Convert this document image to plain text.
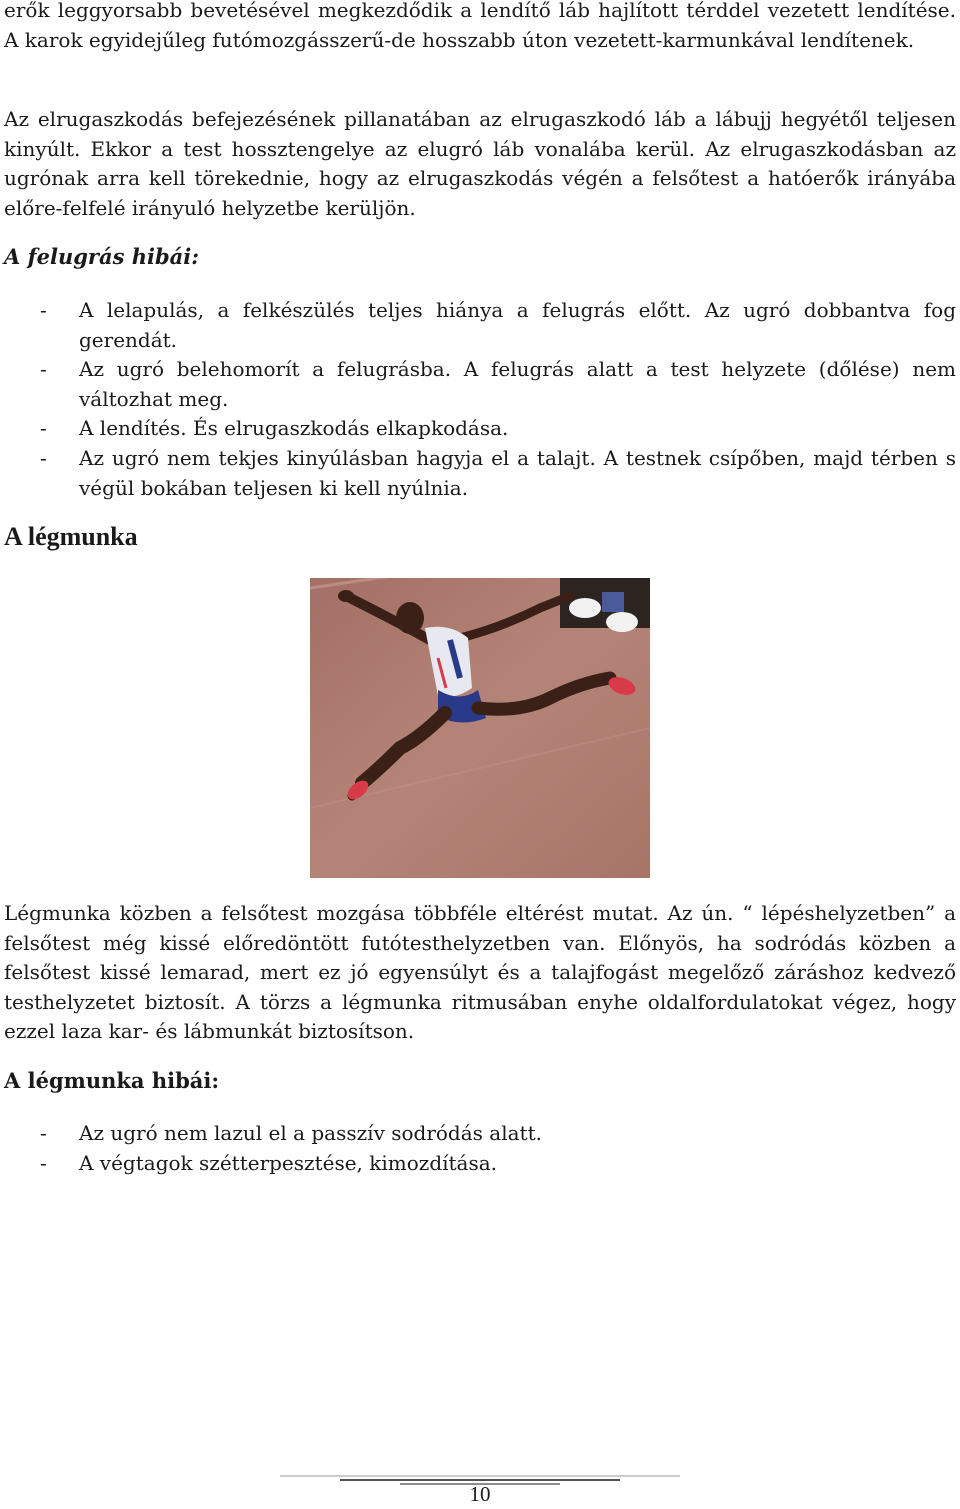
erők leggyorsabb bevetésével megkezdődik a lendítő láb hajlított térddel vezetett lendítése. A karok egyidejűleg futómozgásszerű-de hosszabb úton vezetett-karmunkával lendítenek.

Az elrugaszkodás befejezésének pillanatában az elrugaszkodó láb a lábujj hegyétől teljesen kinyúlt. Ekkor a test hossztengelye az elugró láb vonalába kerül. Az elrugaszkodásban az ugrónak arra kell törekednie, hogy az elrugaszkodás végén a felsőtest a hatóerők irányába előre-felfelé irányuló helyzetbe kerüljön.

A felugrás hibái:
- A lelapulás, a felkészülés teljes hiánya a felugrás előtt. Az ugró dobbantva fog gerendát.
- Az ugró belehomorít a felugrásba. A felugrás alatt a test helyzete (dőlése) nem változhat meg.
- A lendítés. És elrugaszkodás elkapkodása.
- Az ugró nem tekjes kinyúlásban hagyja el a talajt. A testnek csípőben, majd térben s végül bokában teljesen ki kell nyúlnia.
A légmunka

Légmunka közben a felsőtest mozgása többféle eltérést mutat. Az ún. “ lépéshelyzetben” a felsőtest még kissé előredöntött futótesthelyzetben van. Előnyös, ha sodródás közben a felsőtest kissé lemarad, mert ez jó egyensúlyt és a talajfogást megelőző záráshoz kedvező testhelyzetet biztosít. A törzs a légmunka ritmusában enyhe oldalfordulatokat végez, hogy ezzel laza kar- és lábmunkát biztosítson.

A légmunka hibái:
- Az ugró nem lazul el a passzív sodródás alatt.
- A végtagok szétterpesztése, kimozdítása.
10
